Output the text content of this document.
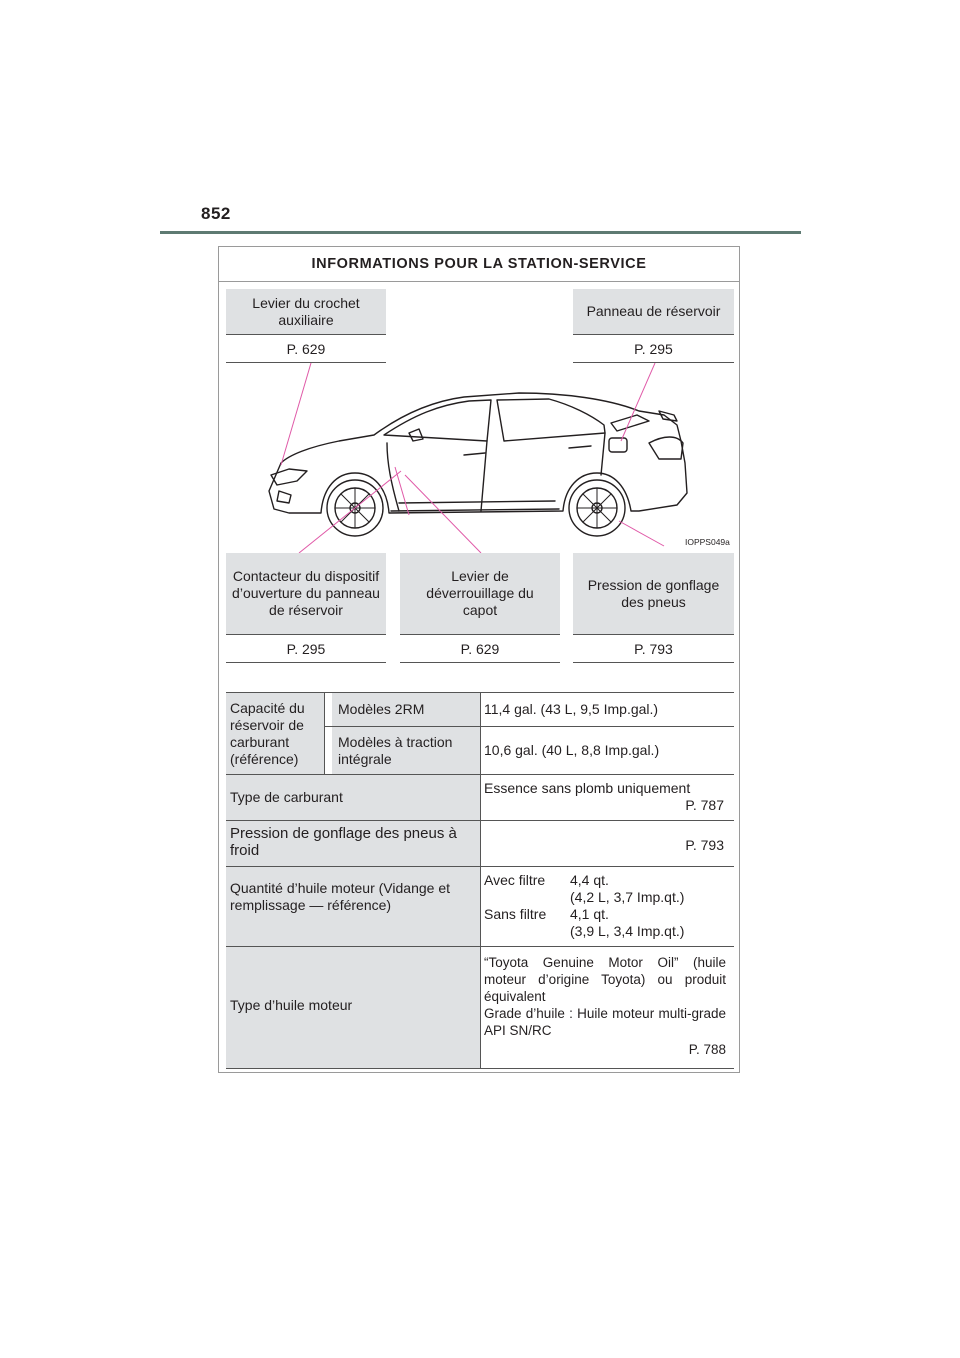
852
INFORMATIONS POUR LA STATION-SERVICE
Levier du crochet auxiliaire
P. 629
Panneau de réservoir
P. 295
IOPPS049a
Contacteur du dispositif d’ouverture du panneau de réservoir
P. 295
Levier de déverrouillage du capot
P. 629
Pression de gonflage des pneus
P. 793
Capacité du réservoir de carburant (référence)
Modèles 2RM	11,4 gal. (43 L, 9,5 Imp.gal.)
Modèles à traction intégrale
10,6 gal. (40 L, 8,8 Imp.gal.)
Type de carburant
Essence sans plomb uniquement
P. 787
Pression de gonflage des pneus à froid	P. 793
Quantité d’huile moteur (Vidange et remplissage — référence)
Avec filtre 4,4 qt.
(4,2 L, 3,7 Imp.qt.)
Sans filtre 4,1 qt.
(3,9 L, 3,4 Imp.qt.)
Type d’huile moteur
“Toyota Genuine Motor Oil” (huile moteur d’origine Toyota) ou produit équivalent
Grade d’huile : Huile moteur multi-grade API SN/RC
P. 788
